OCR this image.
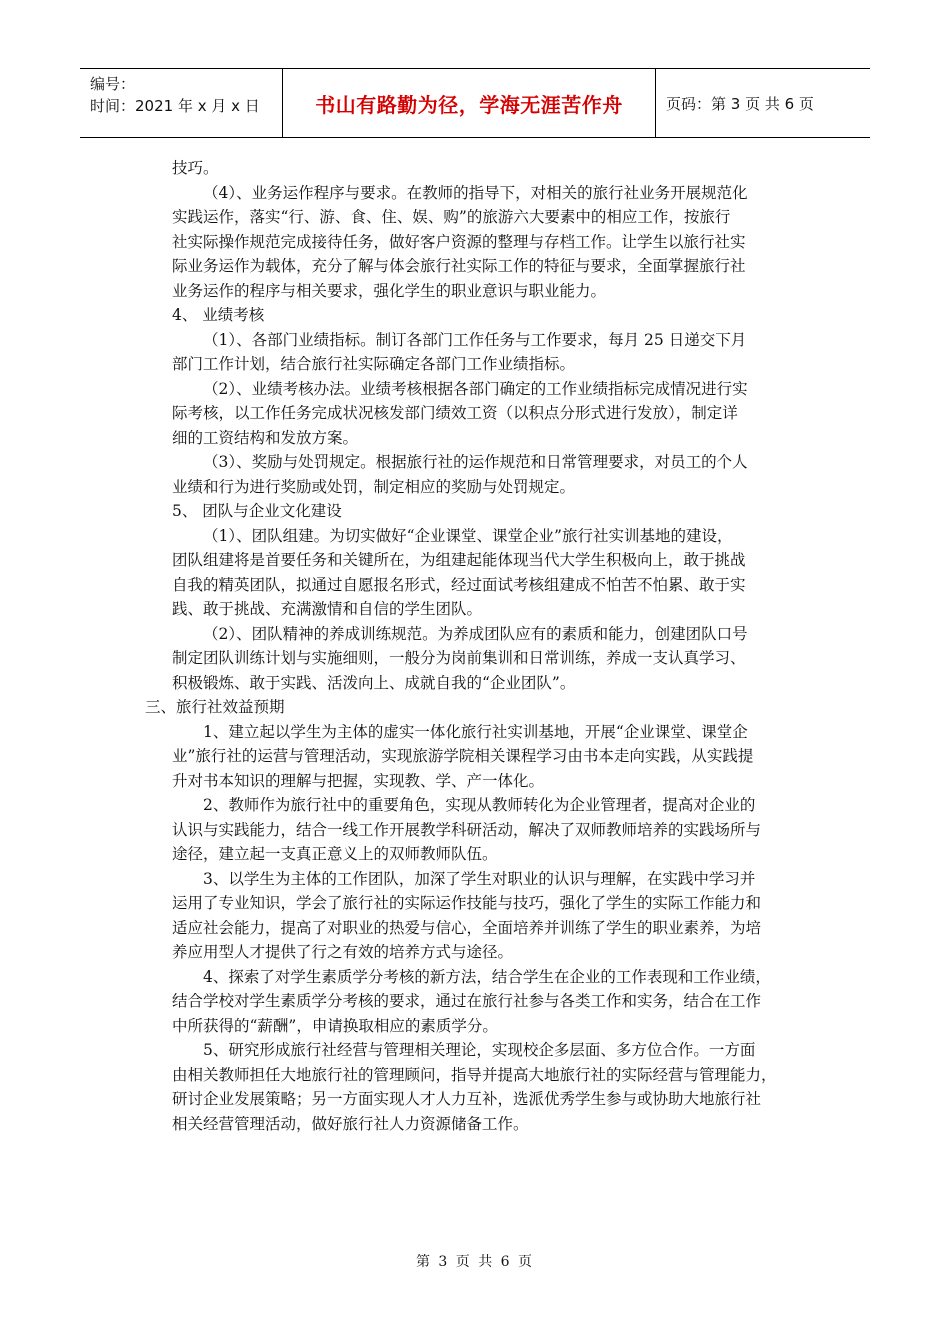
编号：
时间：2021 年 x 月 x 日	书山有路勤为径，学海无涯苦作舟	页码：第 3 页 共 6 页
技巧。
（4）、业务运作程序与要求。在教师的指导下，对相关的旅行社业务开展规范化
实践运作，落实“行、游、食、住、娱、购”的旅游六大要素中的相应工作，按旅行
社实际操作规范完成接待任务，做好客户资源的整理与存档工作。让学生以旅行社实
际业务运作为载体，充分了解与体会旅行社实际工作的特征与要求，全面掌握旅行社
业务运作的程序与相关要求，强化学生的职业意识与职业能力。
4、 业绩考核
（1）、各部门业绩指标。制订各部门工作任务与工作要求，每月 25 日递交下月
部门工作计划，结合旅行社实际确定各部门工作业绩指标。
（2）、业绩考核办法。业绩考核根据各部门确定的工作业绩指标完成情况进行实
际考核，以工作任务完成状况核发部门绩效工资（以积点分形式进行发放），制定详
细的工资结构和发放方案。
（3）、奖励与处罚规定。根据旅行社的运作规范和日常管理要求，对员工的个人
业绩和行为进行奖励或处罚，制定相应的奖励与处罚规定。
5、 团队与企业文化建设
（1）、团队组建。为切实做好“企业课堂、课堂企业”旅行社实训基地的建设，
团队组建将是首要任务和关键所在，为组建起能体现当代大学生积极向上，敢于挑战
自我的精英团队，拟通过自愿报名形式，经过面试考核组建成不怕苦不怕累、敢于实
践、敢于挑战、充满激情和自信的学生团队。
（2）、团队精神的养成训练规范。为养成团队应有的素质和能力，创建团队口号
制定团队训练计划与实施细则，一般分为岗前集训和日常训练，养成一支认真学习、
积极锻炼、敢于实践、活泼向上、成就自我的“企业团队”。
三、旅行社效益预期
1、建立起以学生为主体的虚实一体化旅行社实训基地，开展“企业课堂、课堂企
业”旅行社的运营与管理活动，实现旅游学院相关课程学习由书本走向实践，从实践提
升对书本知识的理解与把握，实现教、学、产一体化。
2、教师作为旅行社中的重要角色，实现从教师转化为企业管理者，提高对企业的
认识与实践能力，结合一线工作开展教学科研活动，解决了双师教师培养的实践场所与
途径，建立起一支真正意义上的双师教师队伍。
3、以学生为主体的工作团队，加深了学生对职业的认识与理解，在实践中学习并
运用了专业知识，学会了旅行社的实际运作技能与技巧，强化了学生的实际工作能力和
适应社会能力，提高了对职业的热爱与信心，全面培养并训练了学生的职业素养，为培
养应用型人才提供了行之有效的培养方式与途径。
4、探索了对学生素质学分考核的新方法，结合学生在企业的工作表现和工作业绩，
结合学校对学生素质学分考核的要求，通过在旅行社参与各类工作和实务，结合在工作
中所获得的“薪酬”，申请换取相应的素质学分。
5、研究形成旅行社经营与管理相关理论，实现校企多层面、多方位合作。一方面
由相关教师担任大地旅行社的管理顾问，指导并提高大地旅行社的实际经营与管理能力，
研讨企业发展策略；另一方面实现人才人力互补，选派优秀学生参与或协助大地旅行社
相关经营管理活动，做好旅行社人力资源储备工作。
第 3 页 共 6 页
